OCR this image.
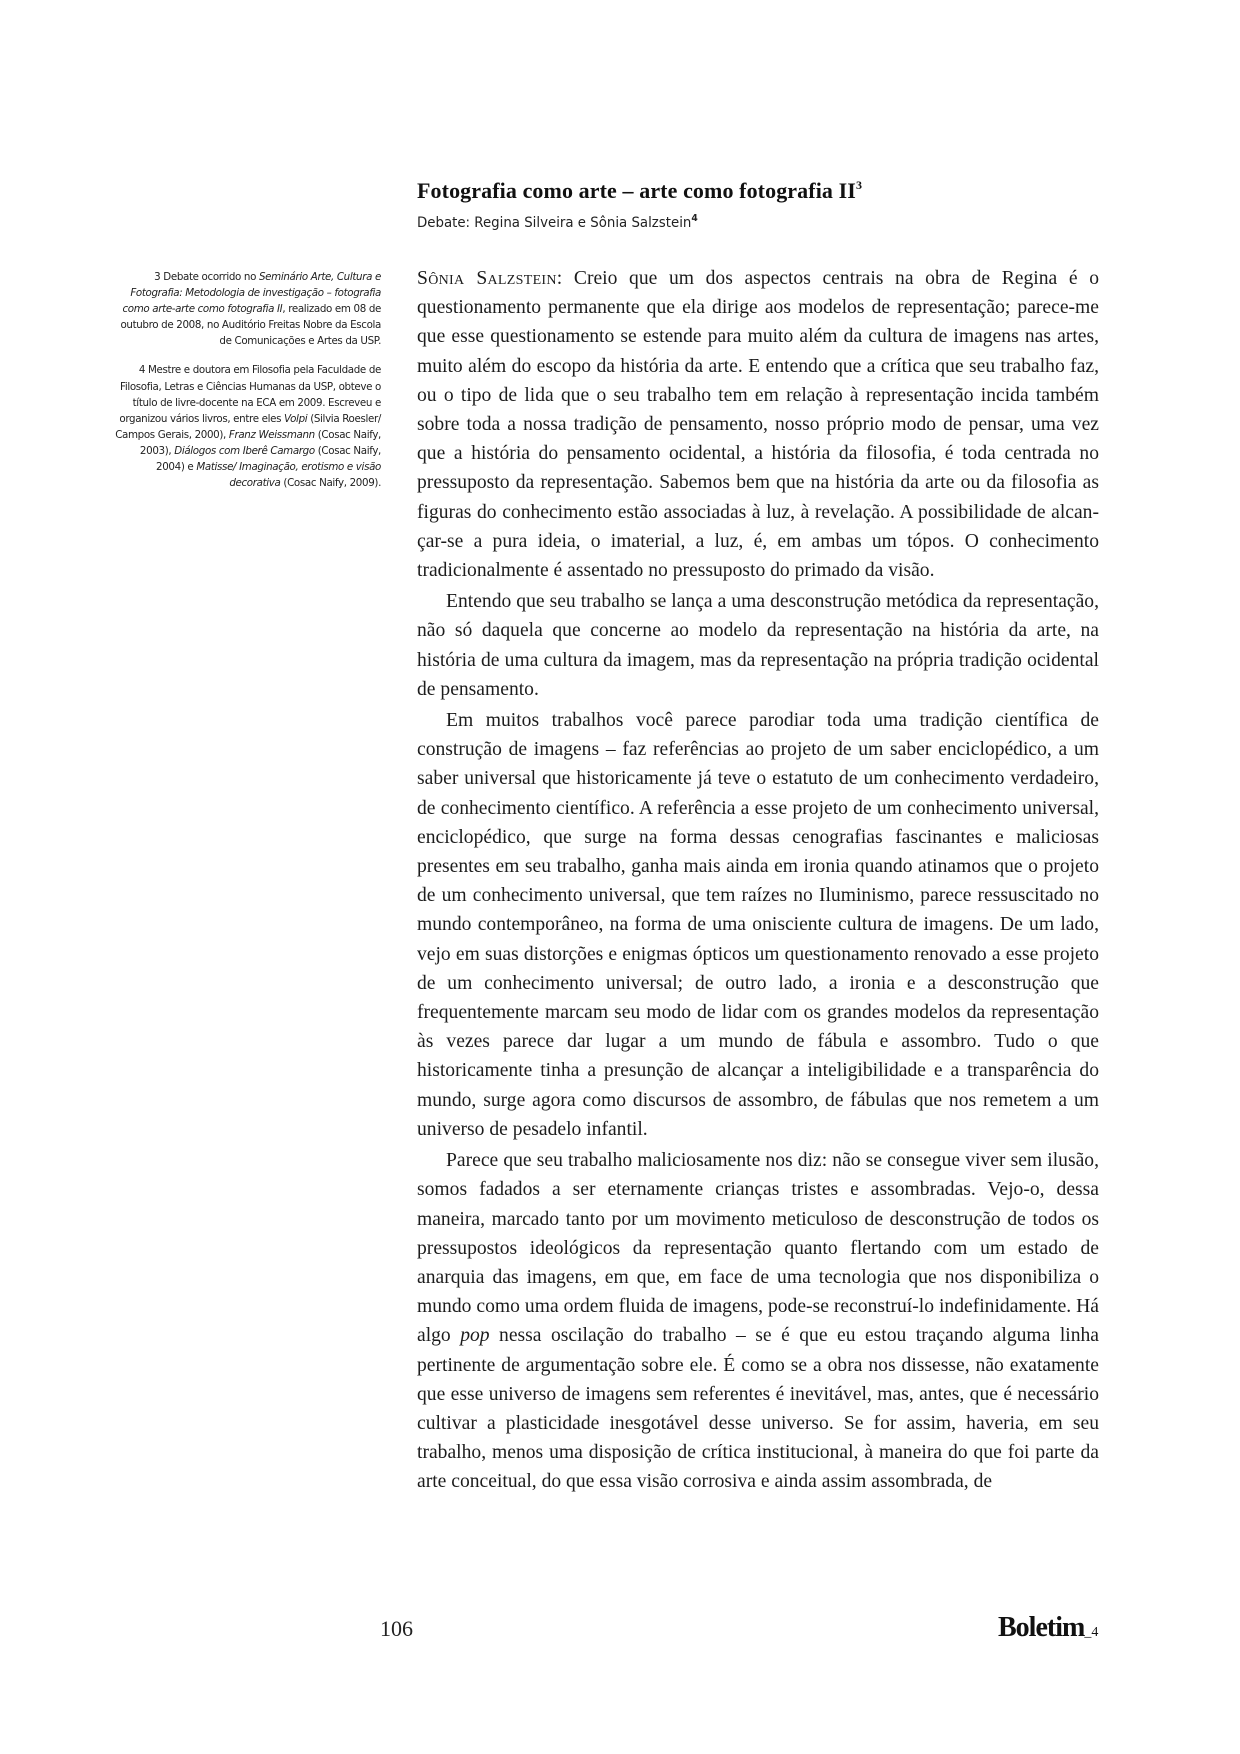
Fotografia como arte – arte como fotografia $II^3$
Debate: Regina Silveira e Sônia Salzstein$^4$

3 Debate ocorrido no Seminário Arte, Cultura e Fotografia: Metodologia de investigação – fotografia como arte-arte como fotografia II, realizado em 08 de outubro de 2008, no Auditório Freitas Nobre da Escola de Comunicações e Artes da USP.

4 Mestre e doutora em Filosofia pela Faculdade de Filosofia, Letras e Ciências Humanas da USP, obteve o título de livre-docente na ECA em 2009. Escreveu e organizou vários livros, entre eles Volpi (Silvia Roesler/ Campos Gerais, 2000), Franz Weissmann (Cosac Naify, 2003), Diálogos com Iberê Camargo (Cosac Naify, 2004) e Matisse/ Imaginação, erotismo e visão decorativa (Cosac Naify, 2009).

Sônia Salzstein: Creio que um dos aspectos centrais na obra de Regina é o questionamento permanente que ela dirige aos modelos de representação; parece-me que esse questionamento se estende para muito além da cultura de imagens nas artes, muito além do escopo da história da arte. E entendo que a crítica que seu trabalho faz, ou o tipo de lida que o seu trabalho tem em relação à representação incida também sobre toda a nossa tradição de pensamento, nosso próprio modo de pensar, uma vez que a história do pensamento ocidental, a história da filosofia, é toda centrada no pressuposto da representação. Sabemos bem que na história da arte ou da filosofia as figuras do conhecimento estão associadas à luz, à revelação. A possibilidade de alcançar-se a pura ideia, o imaterial, a luz, é, em ambas um tópos. O conhecimento tradicionalmente é assentado no pressuposto do primado da visão.

Entendo que seu trabalho se lança a uma desconstrução metódica da representação, não só daquela que concerne ao modelo da representação na história da arte, na história de uma cultura da imagem, mas da representação na própria tradição ocidental de pensamento.

Em muitos trabalhos você parece parodiar toda uma tradição científica de construção de imagens – faz referências ao projeto de um saber enciclopédico, a um saber universal que historicamente já teve o estatuto de um conhecimento verdadeiro, de conhecimento científico. A referência a esse projeto de um conhecimento universal, enciclopédico, que surge na forma dessas cenografias fascinantes e maliciosas presentes em seu trabalho, ganha mais ainda em ironia quando atinamos que o projeto de um conhecimento universal, que tem raízes no Iluminismo, parece ressuscitado no mundo contemporâneo, na forma de uma onisciente cultura de imagens. De um lado, vejo em suas distorções e enigmas ópticos um questionamento renovado a esse projeto de um conhecimento universal; de outro lado, a ironia e a desconstrução que frequentemente marcam seu modo de lidar com os grandes modelos da representação às vezes parece dar lugar a um mundo de fábula e assombro. Tudo o que historicamente tinha a presunção de alcançar a inteligibilidade e a transparência do mundo, surge agora como discursos de assombro, de fábulas que nos remetem a um universo de pesadelo infantil.

Parece que seu trabalho maliciosamente nos diz: não se consegue viver sem ilusão, somos fadados a ser eternamente crianças tristes e assombradas. Vejo-o, dessa maneira, marcado tanto por um movimento meticuloso de desconstrução de todos os pressupostos ideológicos da representação quanto flertando com um estado de anarquia das imagens, em que, em face de uma tecnologia que nos disponibiliza o mundo como uma ordem fluida de imagens, pode-se reconstruí-lo indefinidamente. Há algo pop nessa oscilação do trabalho – se é que eu estou traçando alguma linha pertinente de argumentação sobre ele. É como se a obra nos dissesse, não exatamente que esse universo de imagens sem referentes é inevitável, mas, antes, que é necessário cultivar a plasticidade inesgotável desse universo. Se for assim, haveria, em seu trabalho, menos uma disposição de crítica institucional, à maneira do que foi parte da arte conceitual, do que essa visão corrosiva e ainda assim assombrada, de

106	Boletim_4
